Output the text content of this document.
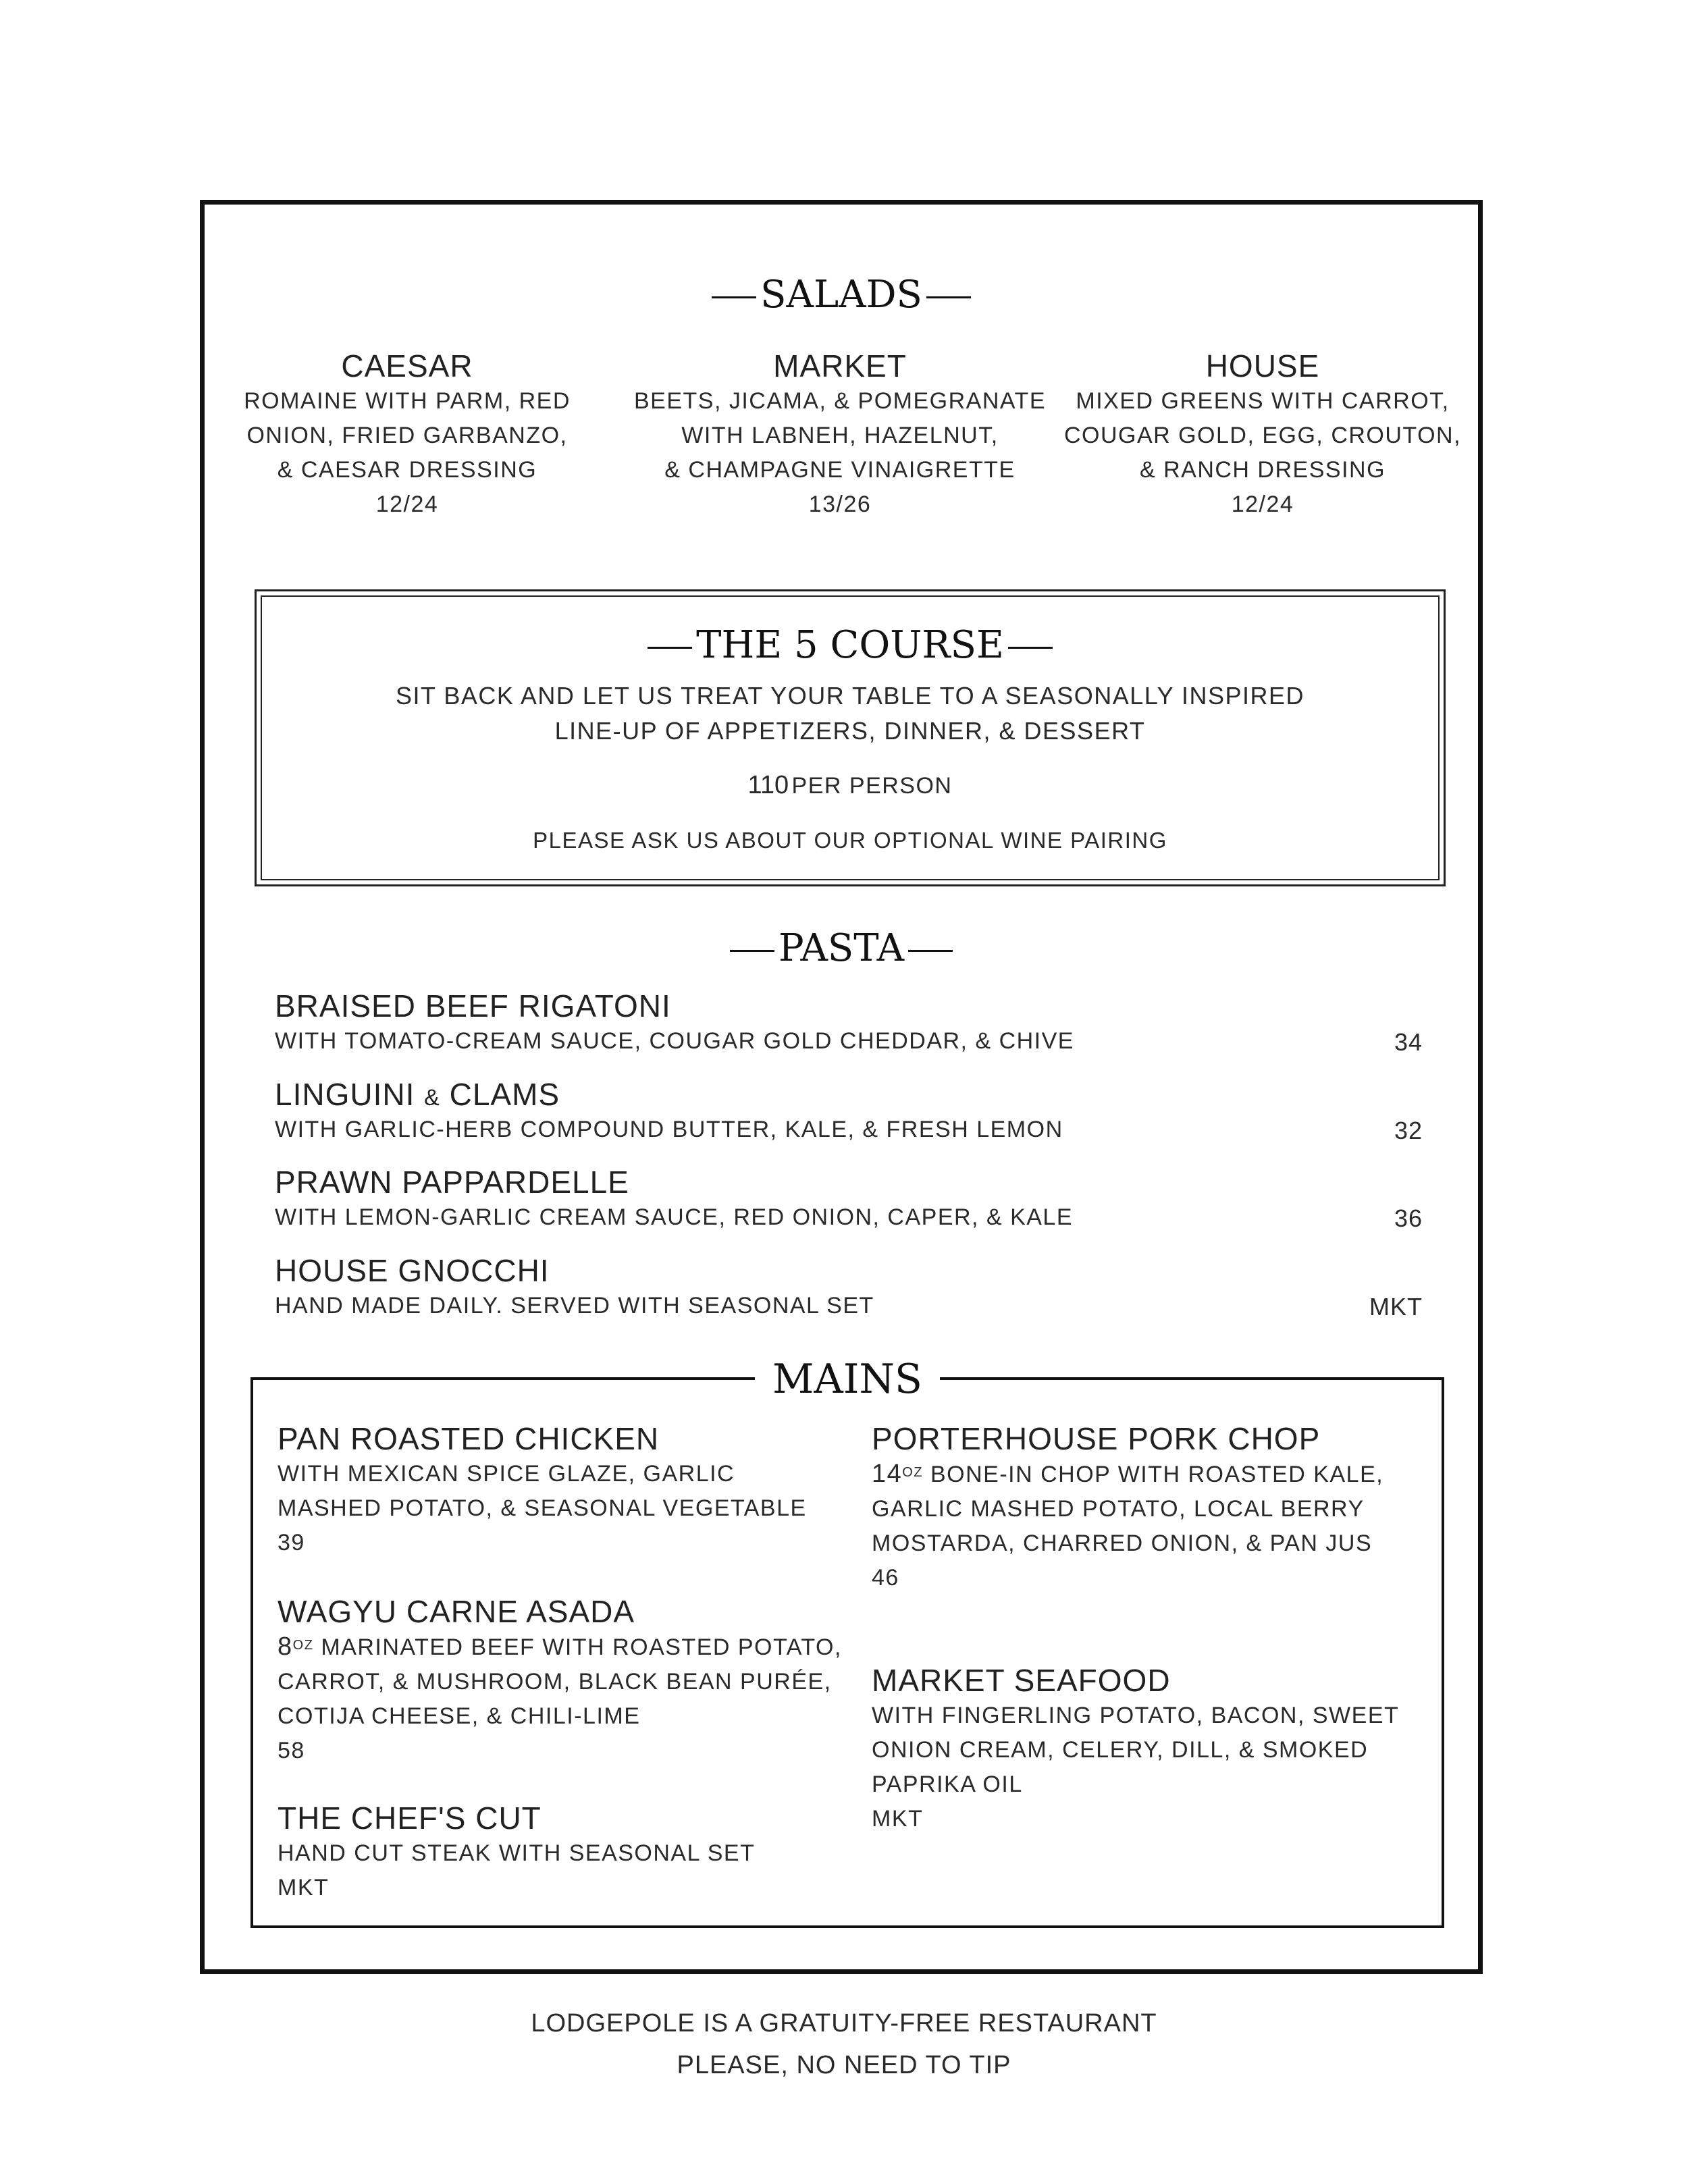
SALADS
CAESAR
ROMAINE WITH PARM, RED
ONION, FRIED GARBANZO,
& CAESAR DRESSING
12/24
MARKET
BEETS, JICAMA, & POMEGRANATE
WITH LABNEH, HAZELNUT,
& CHAMPAGNE VINAIGRETTE
13/26
HOUSE
MIXED GREENS WITH CARROT,
COUGAR GOLD, EGG, CROUTON,
& RANCH DRESSING
12/24
THE 5 COURSE
SIT BACK AND LET US TREAT YOUR TABLE TO A SEASONALLY INSPIRED
LINE-UP OF APPETIZERS, DINNER, & DESSERT
110 PER PERSON
PLEASE ASK US ABOUT OUR OPTIONAL WINE PAIRING
PASTA
BRAISED BEEF RIGATONI
WITH TOMATO-CREAM SAUCE, COUGAR GOLD CHEDDAR, & CHIVE	34
LINGUINI & CLAMS
WITH GARLIC-HERB COMPOUND BUTTER, KALE, & FRESH LEMON	32
PRAWN PAPPARDELLE
WITH LEMON-GARLIC CREAM SAUCE, RED ONION, CAPER, & KALE	36
HOUSE GNOCCHI
HAND MADE DAILY. SERVED WITH SEASONAL SET	MKT
MAINS
PAN ROASTED CHICKEN
WITH MEXICAN SPICE GLAZE, GARLIC
MASHED POTATO, & SEASONAL VEGETABLE
39
WAGYU CARNE ASADA
$8^{OZ}$ MARINATED BEEF WITH ROASTED POTATO,
CARROT, & MUSHROOM, BLACK BEAN PURÉE,
COTIJA CHEESE, & CHILI-LIME
58
THE CHEF'S CUT
HAND CUT STEAK WITH SEASONAL SET
MKT
PORTERHOUSE PORK CHOP
$14^{OZ}$ BONE-IN CHOP WITH ROASTED KALE,
GARLIC MASHED POTATO, LOCAL BERRY
MOSTARDA, CHARRED ONION, & PAN JUS
46
MARKET SEAFOOD
WITH FINGERLING POTATO, BACON, SWEET
ONION CREAM, CELERY, DILL, & SMOKED
PAPRIKA OIL
MKT
LODGEPOLE IS A GRATUITY-FREE RESTAURANT
PLEASE, NO NEED TO TIP
